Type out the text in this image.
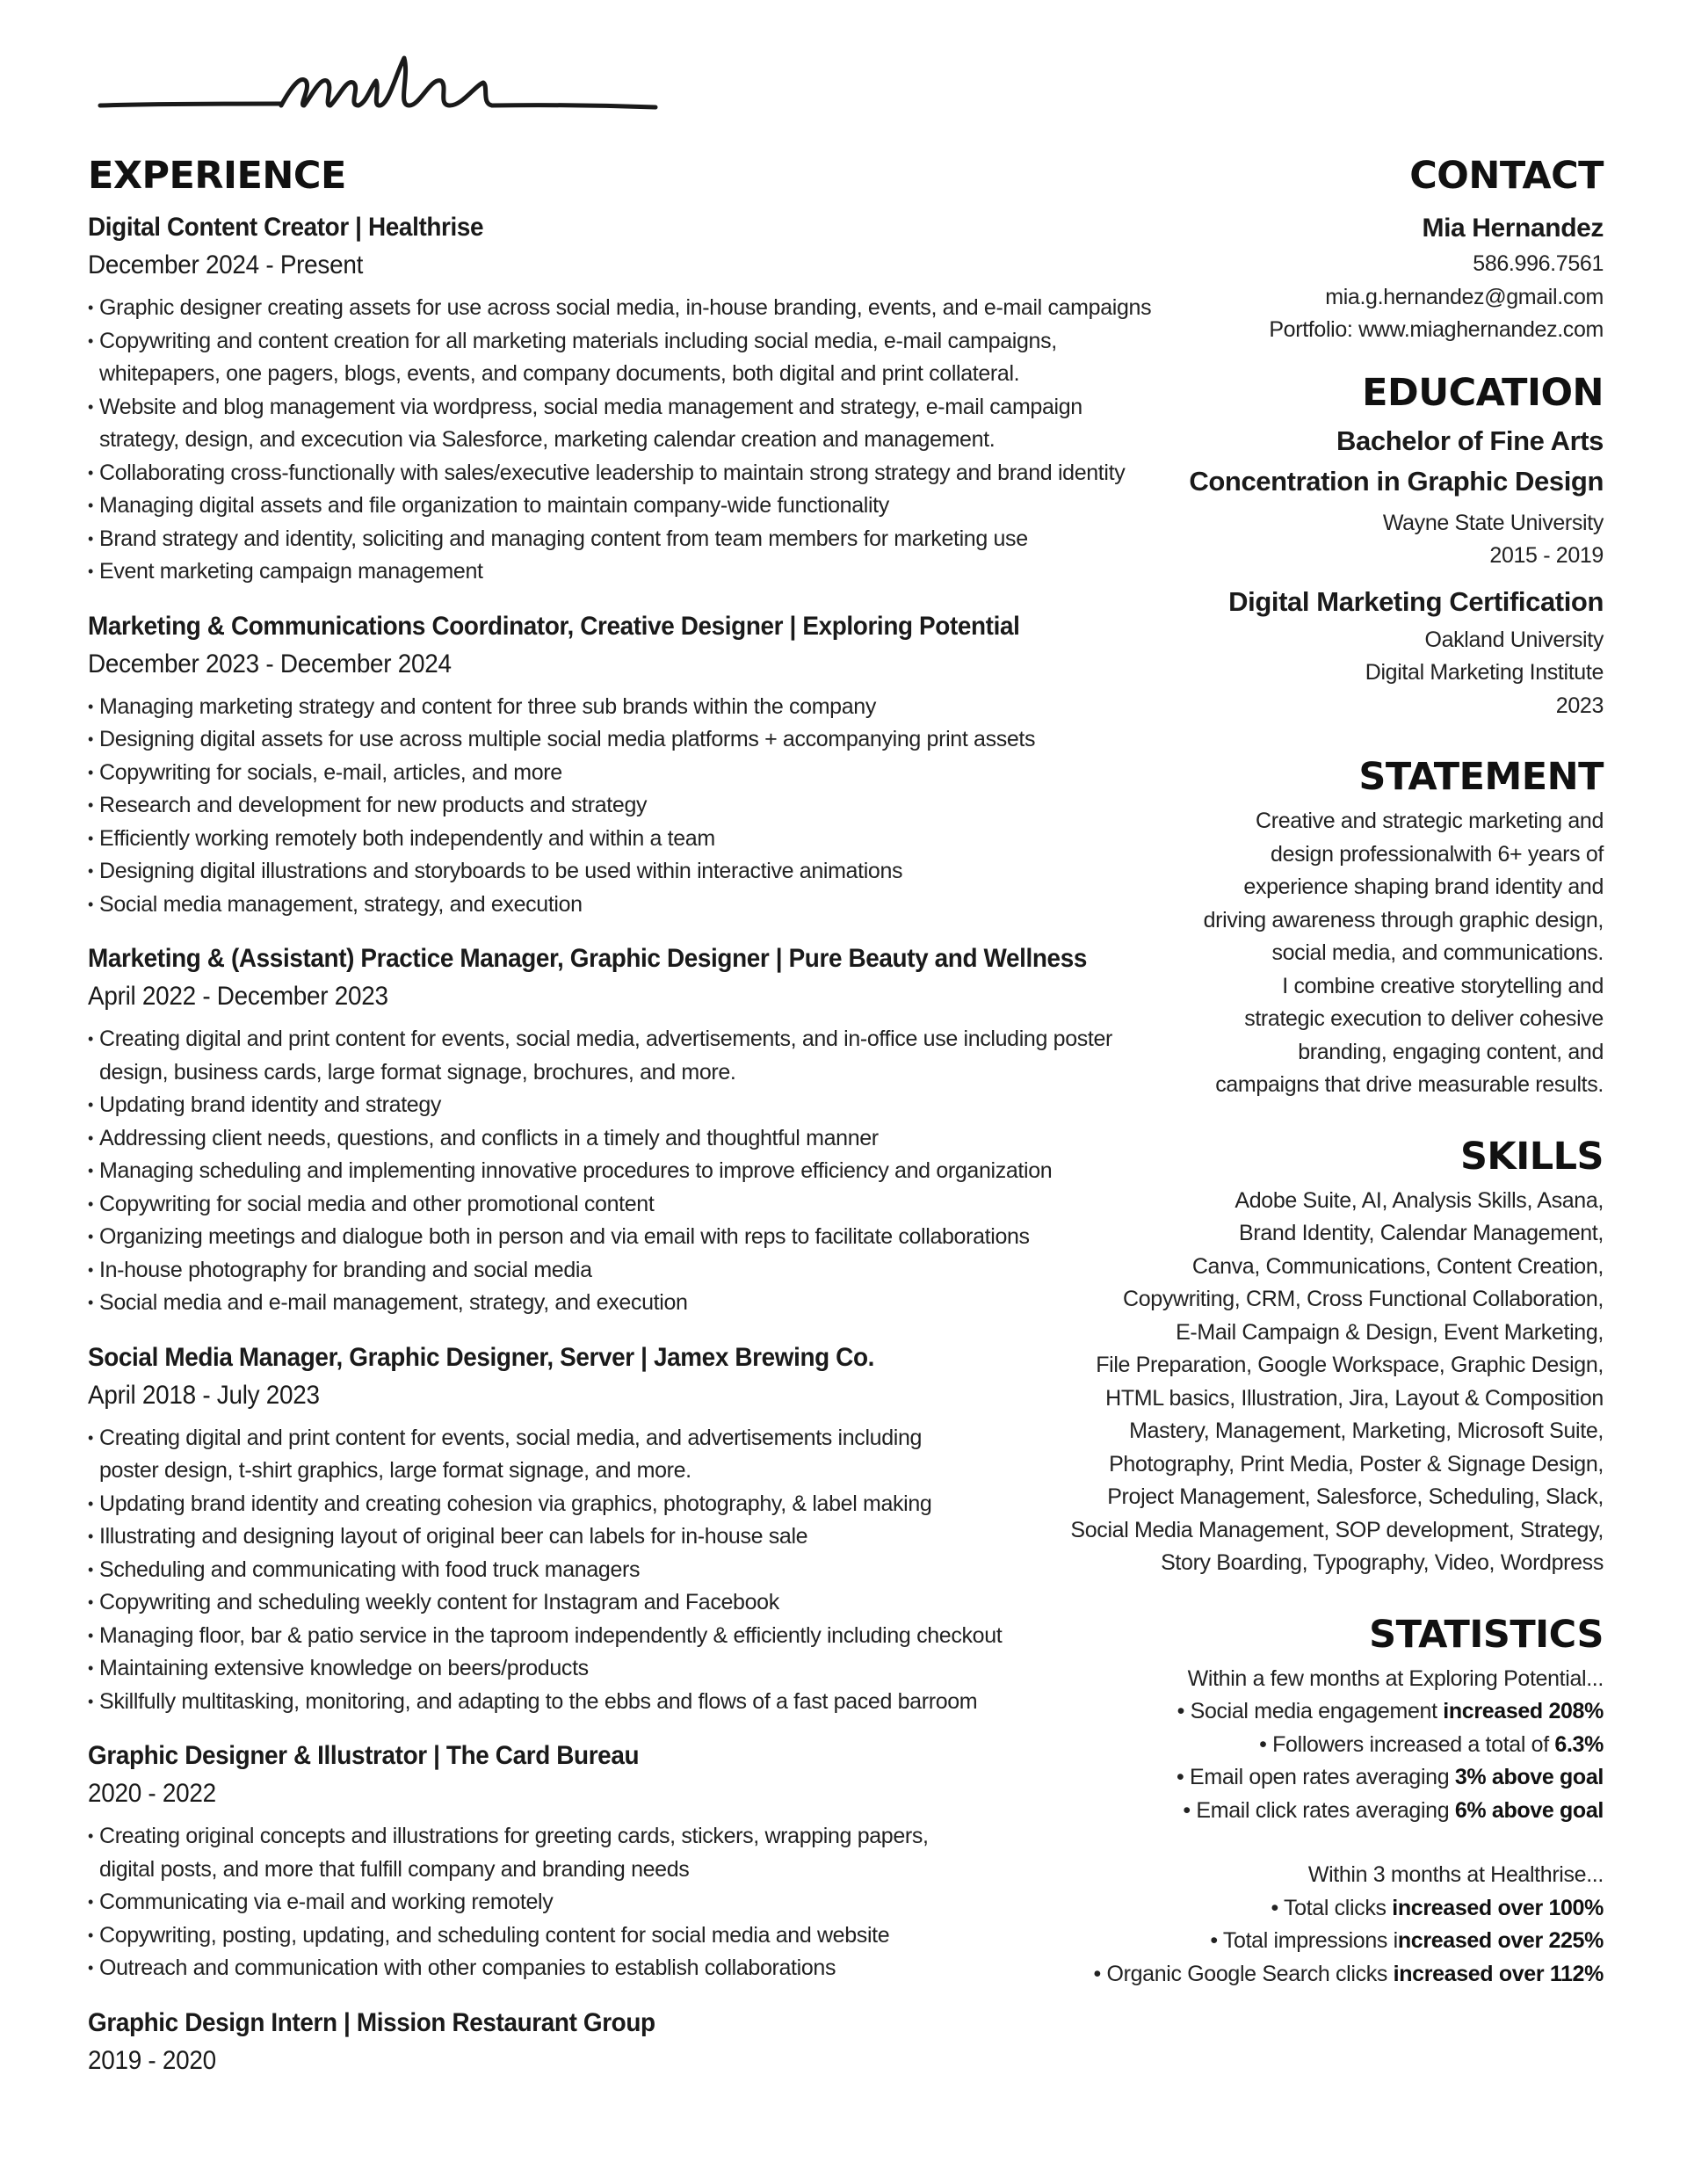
EXPERIENCE
Digital Content Creator | Healthrise
December 2024 - Present
• Graphic designer creating assets for use across social media, in-house branding, events, and e-mail campaigns
• Copywriting and content creation for all marketing materials including social media, e-mail campaigns,
whitepapers, one pagers, blogs, events, and company documents, both digital and print collateral.
• Website and blog management via wordpress, social media management and strategy, e-mail campaign
strategy, design, and excecution via Salesforce, marketing calendar creation and management.
• Collaborating cross-functionally with sales/executive leadership to maintain strong strategy and brand identity
• Managing digital assets and file organization to maintain company-wide functionality
• Brand strategy and identity, soliciting and managing content from team members for marketing use
• Event marketing campaign management
Marketing & Communications Coordinator, Creative Designer | Exploring Potential
December 2023 - December 2024
• Managing marketing strategy and content for three sub brands within the company
• Designing digital assets for use across multiple social media platforms + accompanying print assets
• Copywriting for socials, e-mail, articles, and more
• Research and development for new products and strategy
• Efficiently working remotely both independently and within a team
• Designing digital illustrations and storyboards to be used within interactive animations
• Social media management, strategy, and execution
Marketing & (Assistant) Practice Manager, Graphic Designer | Pure Beauty and Wellness
April 2022 - December 2023
• Creating digital and print content for events, social media, advertisements, and in-office use including poster
design, business cards, large format signage, brochures, and more.
• Updating brand identity and strategy
• Addressing client needs, questions, and conflicts in a timely and thoughtful manner
• Managing scheduling and implementing innovative procedures to improve efficiency and organization
• Copywriting for social media and other promotional content
• Organizing meetings and dialogue both in person and via email with reps to facilitate collaborations
• In-house photography for branding and social media
• Social media and e-mail management, strategy, and execution
Social Media Manager, Graphic Designer, Server | Jamex Brewing Co.
April 2018 - July 2023
• Creating digital and print content for events, social media, and advertisements including
poster design, t-shirt graphics, large format signage, and more.
• Updating brand identity and creating cohesion via graphics, photography, & label making
• Illustrating and designing layout of original beer can labels for in-house sale
• Scheduling and communicating with food truck managers
• Copywriting and scheduling weekly content for Instagram and Facebook
• Managing floor, bar & patio service in the taproom independently & efficiently including checkout
• Maintaining extensive knowledge on beers/products
• Skillfully multitasking, monitoring, and adapting to the ebbs and flows of a fast paced barroom
Graphic Designer & Illustrator | The Card Bureau
2020 - 2022
• Creating original concepts and illustrations for greeting cards, stickers, wrapping papers,
digital posts, and more that fulfill company and branding needs
• Communicating via e-mail and working remotely
• Copywriting, posting, updating, and scheduling content for social media and website
• Outreach and communication with other companies to establish collaborations
Graphic Design Intern | Mission Restaurant Group
2019 - 2020
CONTACT
Mia Hernandez
586.996.7561
mia.g.hernandez@gmail.com
Portfolio: www.miaghernandez.com
EDUCATION
Bachelor of Fine Arts
Concentration in Graphic Design
Wayne State University
2015 - 2019
Digital Marketing Certification
Oakland University
Digital Marketing Institute
2023
STATEMENT

Creative and strategic marketing and

design professionalwith 6+ years of

experience shaping brand identity and

driving awareness through graphic design,

social media, and communications.

I combine creative storytelling and

strategic execution to deliver cohesive

branding, engaging content, and

campaigns that drive measurable results.

SKILLS

Adobe Suite, AI, Analysis Skills, Asana,

Brand Identity, Calendar Management,

Canva, Communications, Content Creation,

Copywriting, CRM, Cross Functional Collaboration,

E-Mail Campaign & Design, Event Marketing,

File Preparation, Google Workspace, Graphic Design,

HTML basics, Illustration, Jira, Layout & Composition

Mastery, Management, Marketing, Microsoft Suite,

Photography, Print Media, Poster & Signage Design,

Project Management, Salesforce, Scheduling, Slack,

Social Media Management, SOP development, Strategy,

Story Boarding, Typography, Video, Wordpress

STATISTICS

Within a few months at Exploring Potential...

• Social media engagement increased 208%

• Followers increased a total of 6.3%

• Email open rates averaging 3% above goal

• Email click rates averaging 6% above goal

Within 3 months at Healthrise...

• Total clicks increased over 100%

• Total impressions increased over 225%

• Organic Google Search clicks increased over 112%
